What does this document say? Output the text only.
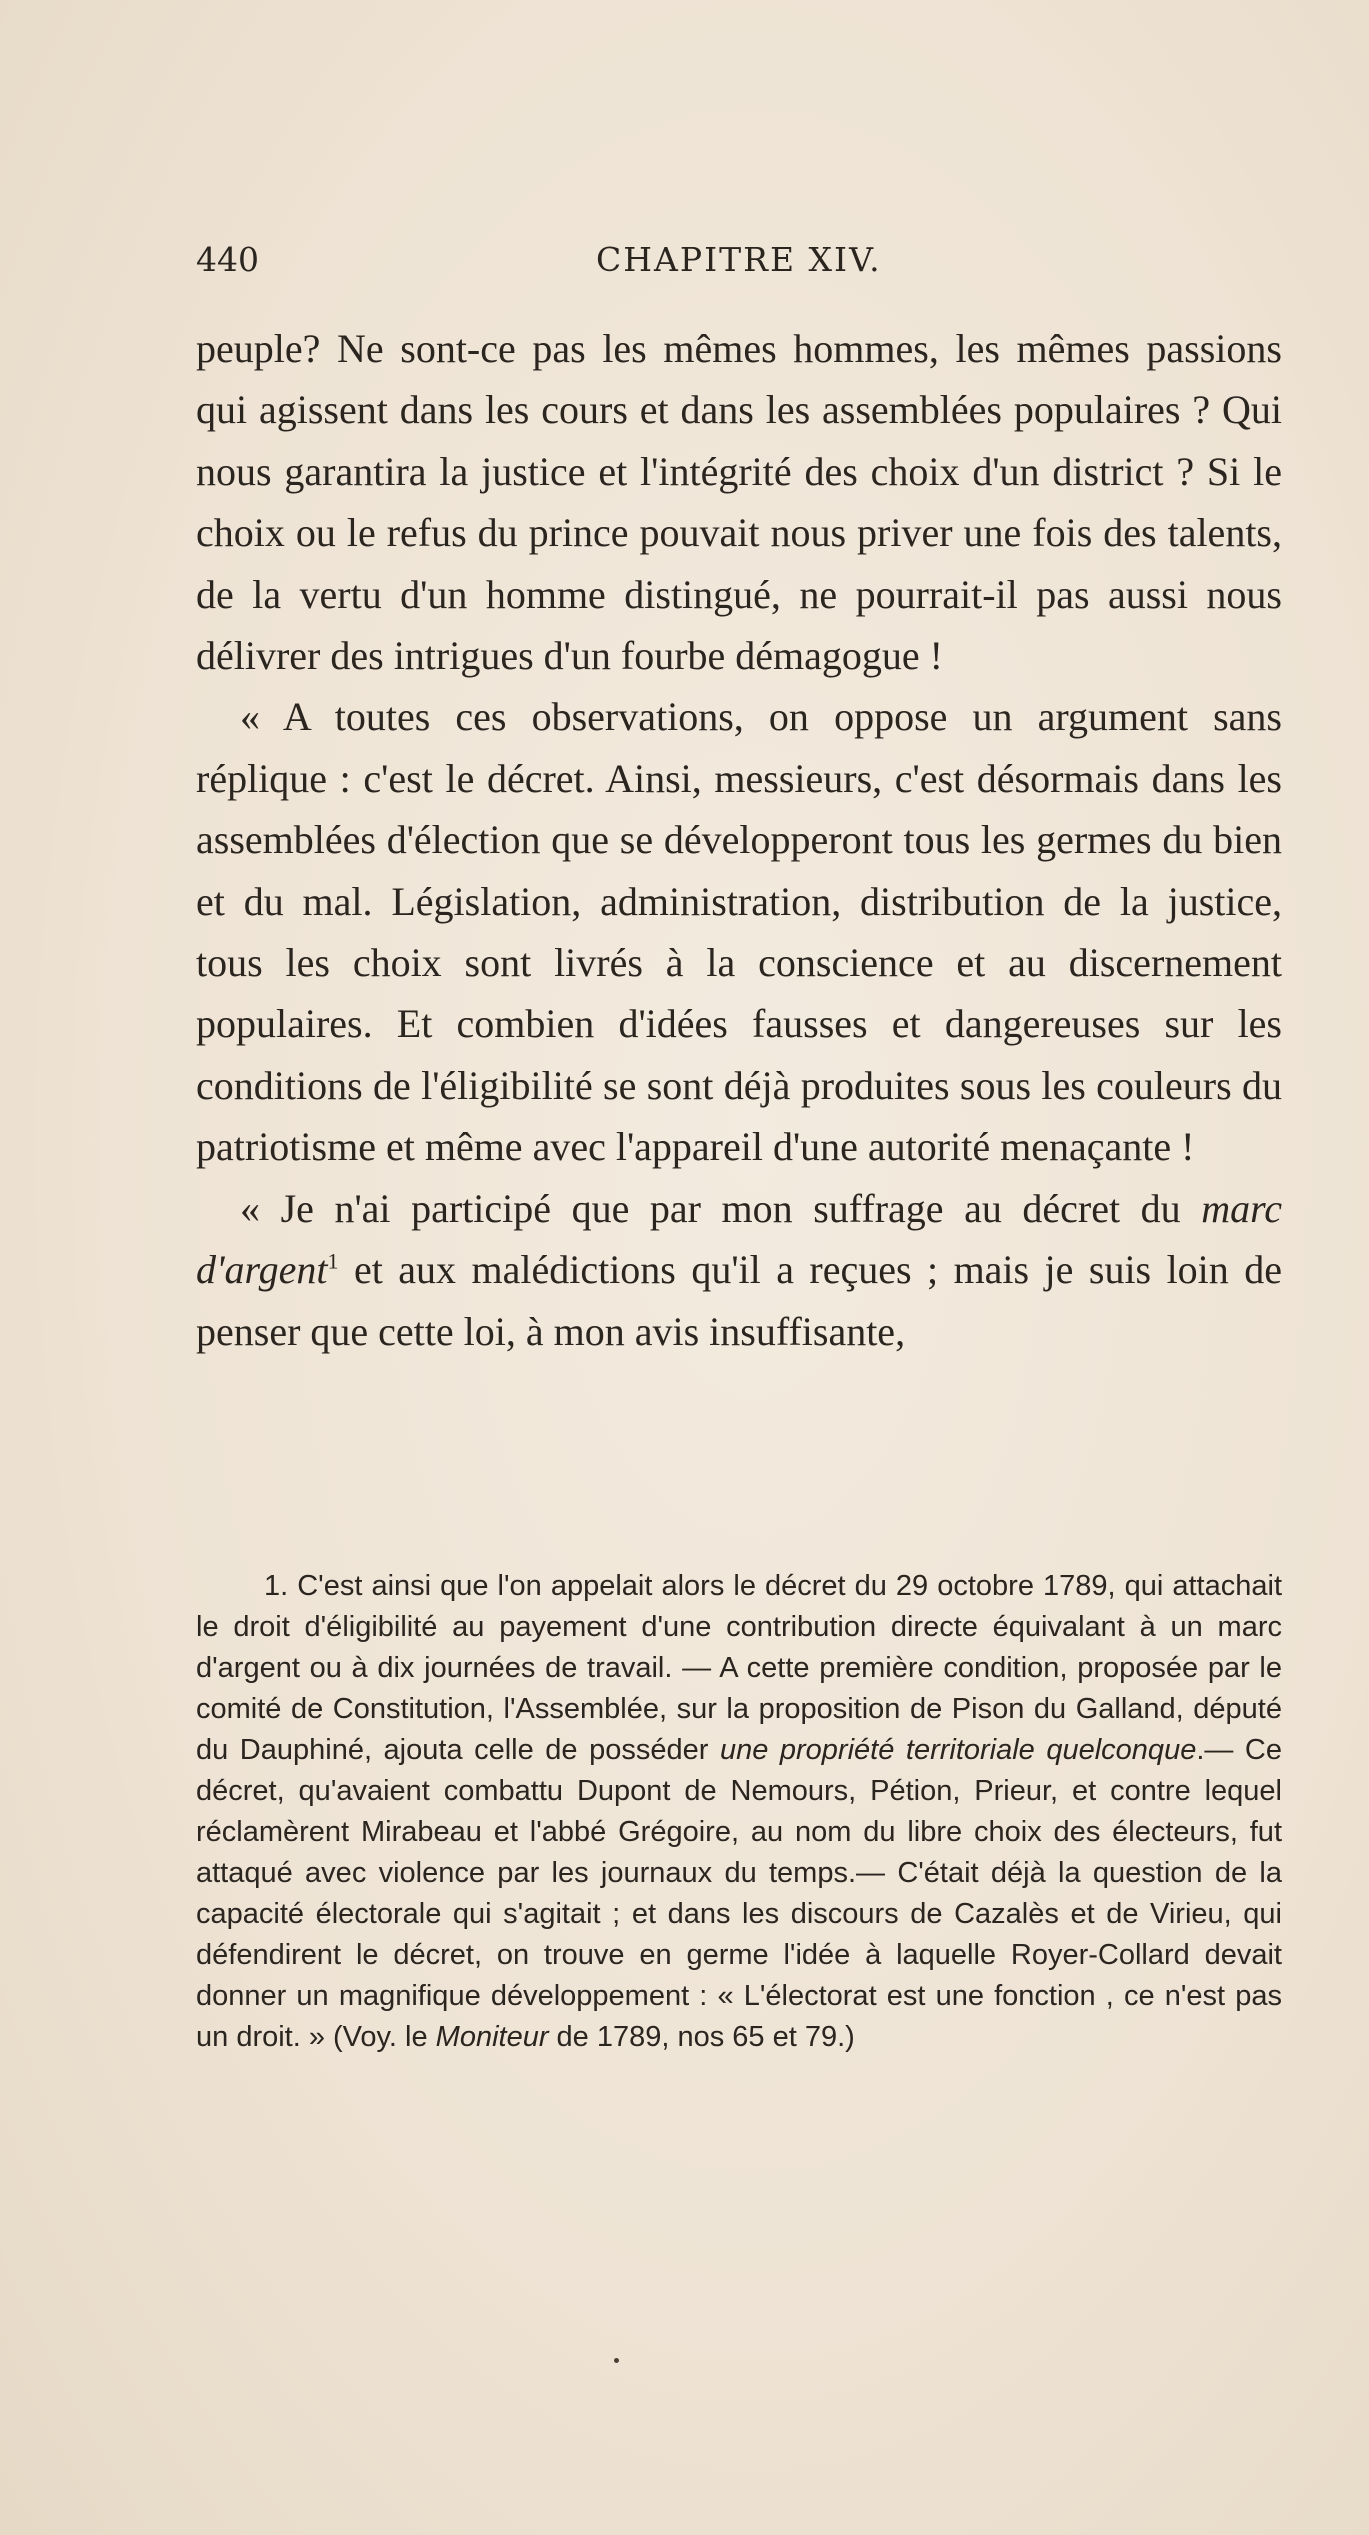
440	CHAPITRE XIV.

peuple? Ne sont-ce pas les mêmes hommes, les mêmes passions qui agissent dans les cours et dans les assemblées populaires ? Qui nous garantira la justice et l'intégrité des choix d'un district ? Si le choix ou le refus du prince pouvait nous priver une fois des talents, de la vertu d'un homme distingué, ne pourrait-il pas aussi nous délivrer des intrigues d'un fourbe démagogue !

« A toutes ces observations, on oppose un argument sans réplique : c'est le décret. Ainsi, messieurs, c'est désormais dans les assemblées d'élection que se développeront tous les germes du bien et du mal. Législation, administration, distribution de la justice, tous les choix sont livrés à la conscience et au discernement populaires. Et combien d'idées fausses et dangereuses sur les conditions de l'éligibilité se sont déjà produites sous les couleurs du patriotisme et même avec l'appareil d'une autorité menaçante !

« Je n'ai participé que par mon suffrage au décret du marc d'argent$^1$ et aux malédictions qu'il a reçues ; mais je suis loin de penser que cette loi, à mon avis insuffisante,

1. C'est ainsi que l'on appelait alors le décret du 29 octobre 1789, qui attachait le droit d'éligibilité au payement d'une contribution directe équivalant à un marc d'argent ou à dix journées de travail. — A cette première condition, proposée par le comité de Constitution, l'Assemblée, sur la proposition de Pison du Galland, député du Dauphiné, ajouta celle de posséder une propriété territoriale quelconque.— Ce décret, qu'avaient combattu Dupont de Nemours, Pétion, Prieur, et contre lequel réclamèrent Mirabeau et l'abbé Grégoire, au nom du libre choix des électeurs, fut attaqué avec violence par les journaux du temps.— C'était déjà la question de la capacité électorale qui s'agitait ; et dans les discours de Cazalès et de Virieu, qui défendirent le décret, on trouve en germe l'idée à laquelle Royer-Collard devait donner un magnifique développement : « L'électorat est une fonction , ce n'est pas un droit. » (Voy. le Moniteur de 1789, nos 65 et 79.)
